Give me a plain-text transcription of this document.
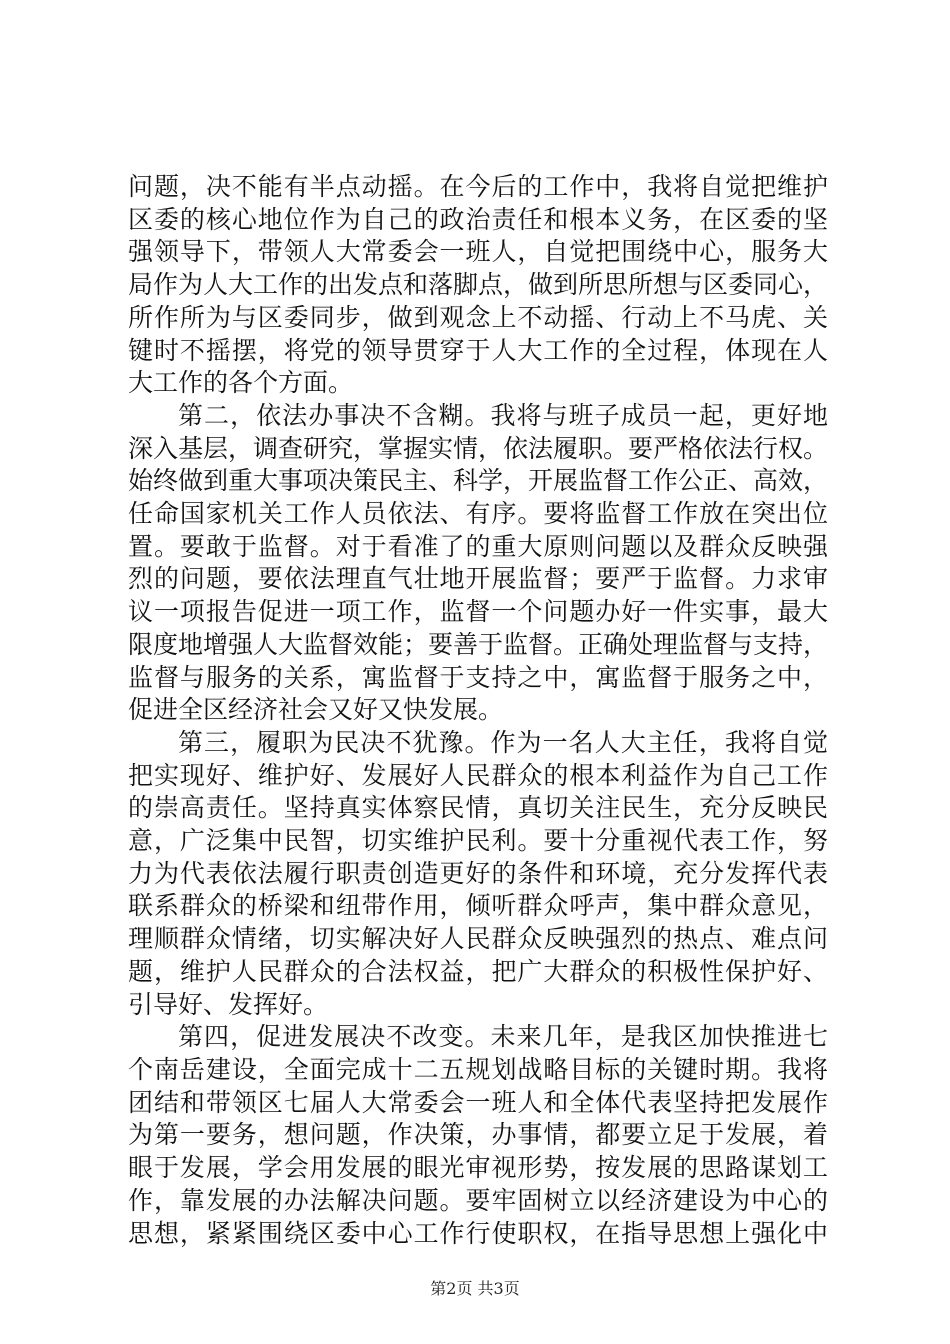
问题，决不能有半点动摇。在今后的工作中，我将自觉把维护
区委的核心地位作为自己的政治责任和根本义务，在区委的坚
强领导下，带领人大常委会一班人，自觉把围绕中心，服务大
局作为人大工作的出发点和落脚点，做到所思所想与区委同心，
所作所为与区委同步，做到观念上不动摇、行动上不马虎、关
键时不摇摆，将党的领导贯穿于人大工作的全过程，体现在人
大工作的各个方面。
第二，依法办事决不含糊。我将与班子成员一起，更好地
深入基层，调查研究，掌握实情，依法履职。要严格依法行权。
始终做到重大事项决策民主、科学，开展监督工作公正、高效，
任命国家机关工作人员依法、有序。要将监督工作放在突出位
置。要敢于监督。对于看准了的重大原则问题以及群众反映强
烈的问题，要依法理直气壮地开展监督；要严于监督。力求审
议一项报告促进一项工作，监督一个问题办好一件实事，最大
限度地增强人大监督效能；要善于监督。正确处理监督与支持，
监督与服务的关系，寓监督于支持之中，寓监督于服务之中，
促进全区经济社会又好又快发展。
第三，履职为民决不犹豫。作为一名人大主任，我将自觉
把实现好、维护好、发展好人民群众的根本利益作为自己工作
的崇高责任。坚持真实体察民情，真切关注民生，充分反映民
意，广泛集中民智，切实维护民利。要十分重视代表工作，努
力为代表依法履行职责创造更好的条件和环境，充分发挥代表
联系群众的桥梁和纽带作用，倾听群众呼声，集中群众意见，
理顺群众情绪，切实解决好人民群众反映强烈的热点、难点问
题，维护人民群众的合法权益，把广大群众的积极性保护好、
引导好、发挥好。
第四，促进发展决不改变。未来几年，是我区加快推进七
个南岳建设，全面完成十二五规划战略目标的关键时期。我将
团结和带领区七届人大常委会一班人和全体代表坚持把发展作
为第一要务，想问题，作决策，办事情，都要立足于发展，着
眼于发展，学会用发展的眼光审视形势，按发展的思路谋划工
作，靠发展的办法解决问题。要牢固树立以经济建设为中心的
思想，紧紧围绕区委中心工作行使职权，在指导思想上强化中
第2页 共3页
